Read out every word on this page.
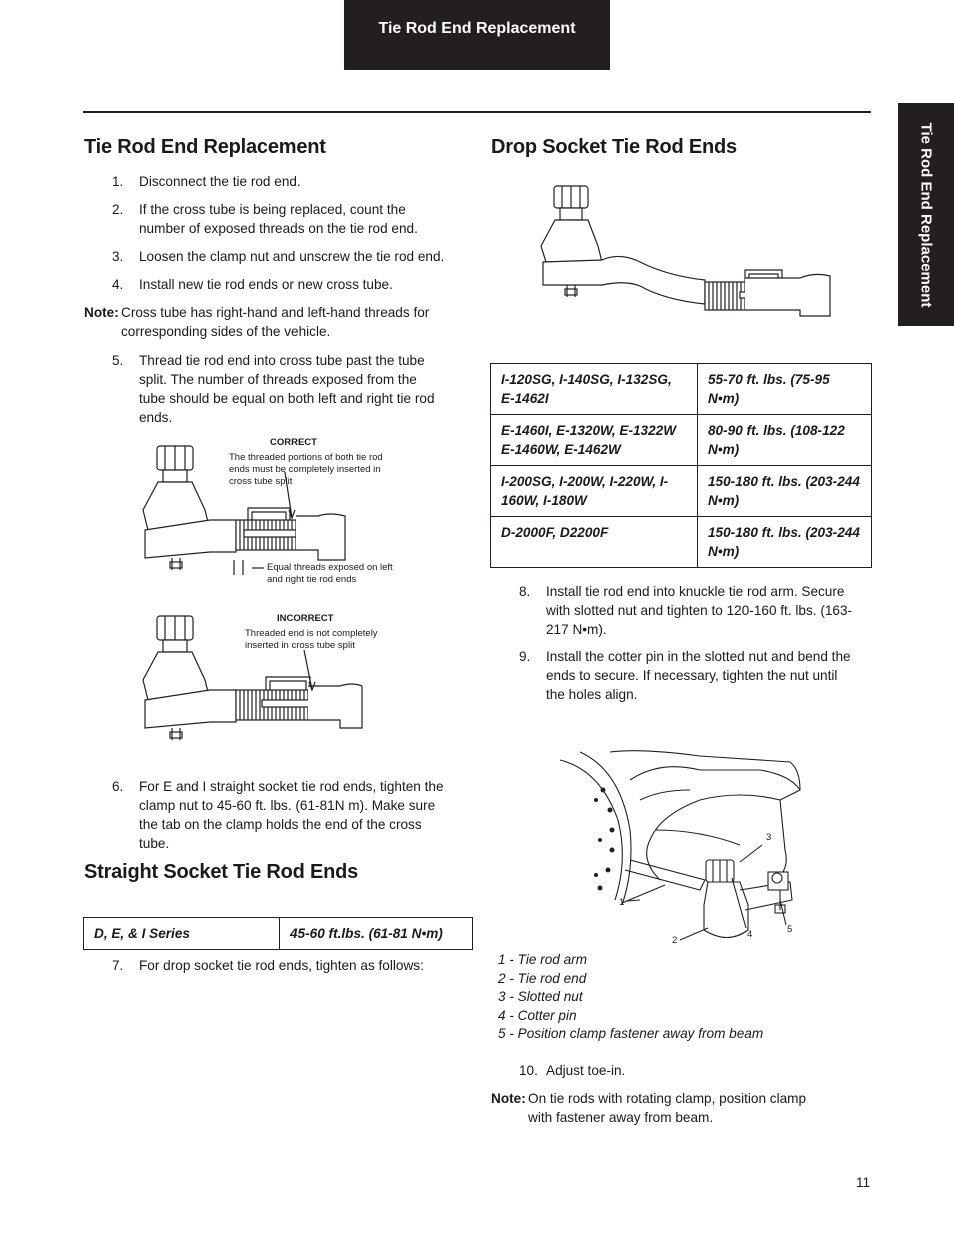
Tie Rod End Replacement
Tie Rod End Replacement
Tie Rod End Replacement
1. Disconnect the tie rod end.
2. If the cross tube is being replaced, count the number of exposed threads on the tie rod end.
3. Loosen the clamp nut and unscrew the tie rod end.
4. Install new tie rod ends or new cross tube.
Note: Cross tube has right-hand and left-hand threads for corresponding sides of the vehicle.
5. Thread tie rod end into cross tube past the tube split. The number of threads exposed from the tube should be equal on both left and right tie rod ends.
CORRECT
The threaded portions of both tie rod ends must be completely inserted in cross tube split
Equal threads exposed on left and right tie rod ends
INCORRECT
Threaded end is not completely inserted in cross tube split
6. For E and I straight socket tie rod ends, tighten the clamp nut to 45-60 ft. lbs. (61-81N m). Make sure the tab on the clamp holds the end of the cross tube.
Straight Socket Tie Rod Ends
D, E, & I Series	45-60 ft.lbs. (61-81 N•m)
7. For drop socket tie rod ends, tighten as follows:
Drop Socket Tie Rod Ends
I-120SG, I-140SG, I-132SG, E-1462I	55-70 ft. lbs. (75-95 N•m)
E-1460I, E-1320W, E-1322W E-1460W, E-1462W	80-90 ft. lbs. (108-122 N•m)
I-200SG, I-200W, I-220W, I-160W, I-180W	150-180 ft. lbs. (203-244 N•m)
D-2000F, D2200F	150-180 ft. lbs. (203-244 N•m)
8. Install tie rod end into knuckle tie rod arm. Secure with slotted nut and tighten to 120-160 ft. lbs. (163-217 N•m).
9. Install the cotter pin in the slotted nut and bend the ends to secure. If necessary, tighten the nut until the holes align.
1
2
3
4	5
1 - Tie rod arm
2 - Tie rod end
3 - Slotted nut
4 - Cotter pin
5 - Position clamp fastener away from beam
10. Adjust toe-in.
Note: On tie rods with rotating clamp, position clamp with fastener away from beam.
11
